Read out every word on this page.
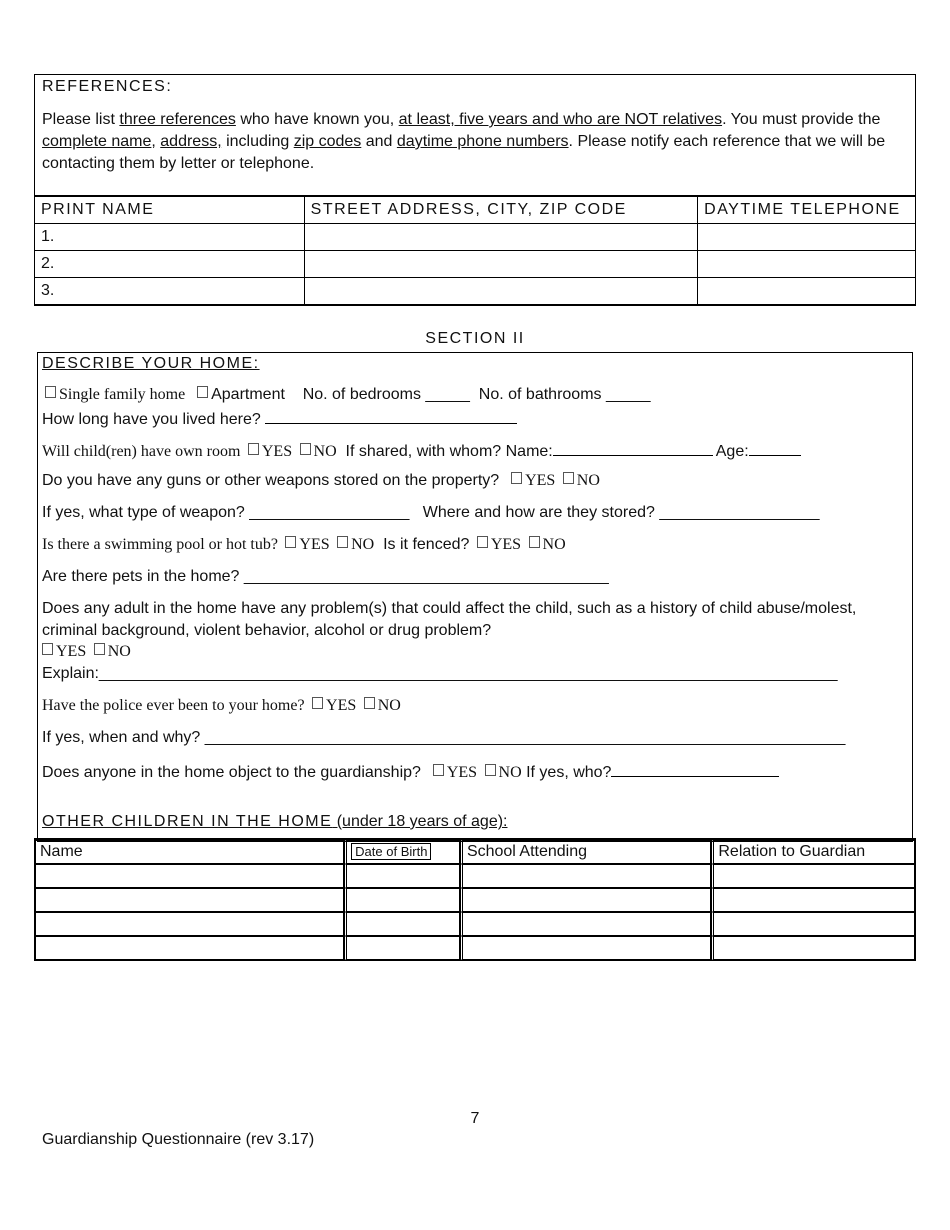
REFERENCES:
Please list three references who have known you, at least, five years and who are NOT relatives. You must provide the complete name, address, including zip codes and daytime phone numbers. Please notify each reference that we will be contacting them by letter or telephone.
PRINT NAME	STREET ADDRESS, CITY, ZIP CODE	DAYTIME TELEPHONE
1.		
2.		
3.		
SECTION II
DESCRIBE YOUR HOME:
Single family home Apartment No. of bedrooms _____ No. of bathrooms _____
How long have you lived here?
Will child(ren) have own room YES NO If shared, with whom? Name:	Age:
Do you have any guns or other weapons stored on the property? YES NO
If yes, what type of weapon? __________________ Where and how are they stored? __________________
Is there a swimming pool or hot tub? YES NO Is it fenced? YES NO
Are there pets in the home? _________________________________________
Does any adult in the home have any problem(s) that could affect the child, such as a history of child abuse/molest,
criminal background, violent behavior, alcohol or drug problem?
YES NO
Explain:___________________________________________________________________________________
Have the police ever been to your home? YES NO
If yes, when and why? ________________________________________________________________________
Does anyone in the home object to the guardianship? YES NO If yes, who?
OTHER CHILDREN IN THE HOME (under 18 years of age):
Name	Date of Birth	School Attending	Relation to Guardian

7
Guardianship Questionnaire (rev 3.17)
